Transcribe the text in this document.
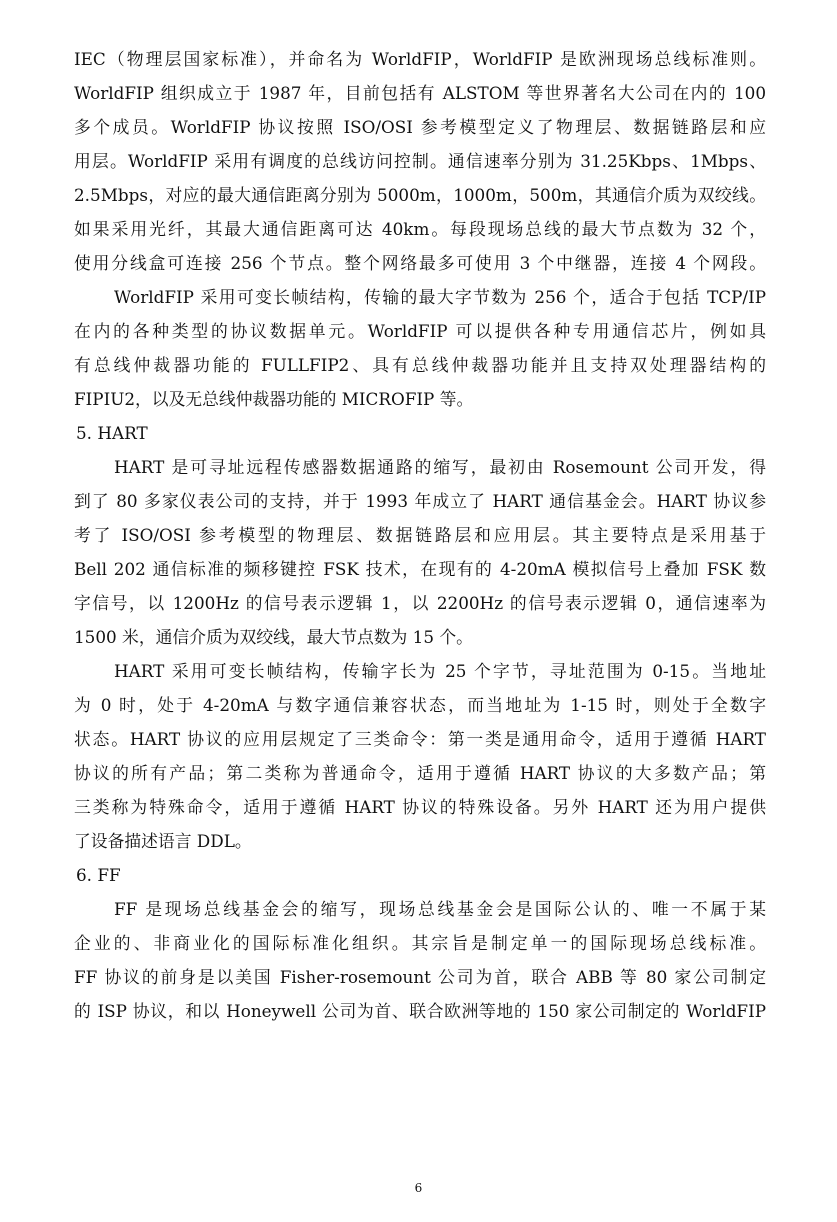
IEC（物理层国家标准），并命名为 WorldFIP，WorldFIP 是欧洲现场总线标准则。
WorldFIP 组织成立于 1987 年，目前包括有 ALSTOM 等世界著名大公司在内的 100
多个成员。WorldFIP 协议按照 ISO/OSI 参考模型定义了物理层、数据链路层和应
用层。WorldFIP 采用有调度的总线访问控制。通信速率分别为 31.25Kbps、1Mbps、
2.5Mbps，对应的最大通信距离分别为 5000m，1000m，500m，其通信介质为双绞线。
如果采用光纤，其最大通信距离可达 40km。每段现场总线的最大节点数为 32 个，
使用分线盒可连接 256 个节点。整个网络最多可使用 3 个中继器，连接 4 个网段。
WorldFIP 采用可变长帧结构，传输的最大字节数为 256 个，适合于包括 TCP/IP
在内的各种类型的协议数据单元。WorldFIP 可以提供各种专用通信芯片，例如具
有总线仲裁器功能的 FULLFIP2、具有总线仲裁器功能并且支持双处理器结构的
FIPIU2，以及无总线仲裁器功能的 MICROFIP 等。
5. HART
HART 是可寻址远程传感器数据通路的缩写，最初由 Rosemount 公司开发，得
到了 80 多家仪表公司的支持，并于 1993 年成立了 HART 通信基金会。HART 协议参
考了 ISO/OSI 参考模型的物理层、数据链路层和应用层。其主要特点是采用基于
Bell 202 通信标准的频移键控 FSK 技术，在现有的 4-20mA 模拟信号上叠加 FSK 数
字信号，以 1200Hz 的信号表示逻辑 1，以 2200Hz 的信号表示逻辑 0，通信速率为
1500 米，通信介质为双绞线，最大节点数为 15 个。
HART 采用可变长帧结构，传输字长为 25 个字节，寻址范围为 0-15。当地址
为 0 时，处于 4-20mA 与数字通信兼容状态，而当地址为 1-15 时，则处于全数字
状态。HART 协议的应用层规定了三类命令：第一类是通用命令，适用于遵循 HART
协议的所有产品；第二类称为普通命令，适用于遵循 HART 协议的大多数产品；第
三类称为特殊命令，适用于遵循 HART 协议的特殊设备。另外 HART 还为用户提供
了设备描述语言 DDL。
6. FF
FF 是现场总线基金会的缩写，现场总线基金会是国际公认的、唯一不属于某
企业的、非商业化的国际标准化组织。其宗旨是制定单一的国际现场总线标准。
FF 协议的前身是以美国 Fisher-rosemount 公司为首，联合 ABB 等 80 家公司制定
的 ISP 协议，和以 Honeywell 公司为首、联合欧洲等地的 150 家公司制定的 WorldFIP
6
